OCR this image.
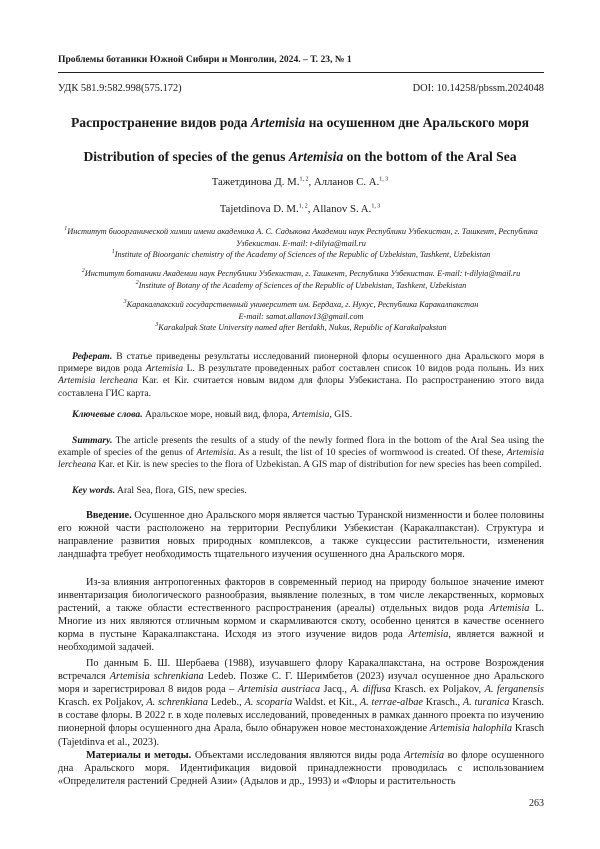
Проблемы ботаники Южной Сибири и Монголии, 2024. – Т. 23, № 1
УДК 581.9:582.998(575.172)	DOI: 10.14258/pbssm.2024048
Распространение видов рода Artemisia на осушенном дне Аральского моря
Distribution of species of the genus Artemisia on the bottom of the Aral Sea
Тажетдинова Д. М.$^{1, 2}$, Алланов С. А.$^{1, 3}$
Tajetdinova D. M.$^{1, 2}$, Allanov S. A.$^{1, 3}$
$^1$Институт биоорганической химии имени академика А. С. Садыкова Академии наук Республики Узбекистан, г. Ташкент, Республика Узбекистан. E-mail: t-dilyia@mail.ru
$^1$Institute of Bioorganic chemistry of the Academy of Sciences of the Republic of Uzbekistan, Tashkent, Uzbekistan
$^2$Институт ботаники Академии наук Республики Узбекистан, г. Ташкент, Республика Узбекистан. E-mail: t-dilyia@mail.ru
$^2$Institute of Botany of the Academy of Sciences of the Republic of Uzbekistan, Tashkent, Uzbekistan
$^3$Каракалпакский государственный университет им. Бердаха, г. Нукус, Республика Каракалпакстан
E-mail: samat.allanov13@gmail.com
$^3$Karakalpak State University named after Berdakh, Nukus, Republic of Karakalpakstan
Реферат. В статье приведены результаты исследований пионерной флоры осушенного дна Аральского моря в примере видов рода Artemisia L. В результате проведенных работ составлен список 10 видов рода полынь. Из них Artemisia lercheana Kar. et Kir. считается новым видом для флоры Узбекистана. По распространению этого вида составлена ГИС карта.
Ключевые слова. Аральское море, новый вид, флора, Artemisia, GIS.
Summary. The article presents the results of a study of the newly formed flora in the bottom of the Aral Sea using the example of species of the genus of Artemisia. As a result, the list of 10 species of wormwood is created. Of these, Artemisia lercheana Kar. et Kir. is new species to the flora of Uzbekistan. A GIS map of distribution for new species has been compiled.
Key words. Aral Sea, flora, GIS, new species.
Введение. Осушенное дно Аральского моря является частью Туранской низменности и более половины его южной части расположено на территории Республики Узбекистан (Каракалпакстан). Структура и направление развития новых природных комплексов, а также сукцессии растительности, изменения ландшафта требует необходимость тщательного изучения осушенного дна Аральского моря.
Из-за влияния антропогенных факторов в современный период на природу большое значение имеют инвентаризация биологического разнообразия, выявление полезных, в том числе лекарственных, кормовых растений, а также области естественного распространения (ареалы) отдельных видов рода Artemisia L. Многие из них являются отличным кормом и скармливаются скоту, особенно ценятся в качестве осеннего корма в пустыне Каракалпакстана. Исходя из этого изучение видов рода Artemisia, является важной и необходимой задачей.
По данным Б. Ш. Шербаева (1988), изучавшего флору Каракалпакстана, на острове Возрождения встречался Artemisia schrenkiana Ledeb. Позже С. Г. Шеримбетов (2023) изучал осушенное дно Аральского моря и зарегистрировал 8 видов рода – Artemisia austriaca Jacq., A. diffusa Krasch. ex Poljakov, A. ferganensis Krasch. ex Poljakov, A. schrenkiana Ledeb., A. scoparia Waldst. et Kit., A. terrae-albae Krasch., A. turanica Krasch. в составе флоры. В 2022 г. в ходе полевых исследований, проведенных в рамках данного проекта по изучению пионерной флоры осушенного дна Арала, было обнаружен новое местонахождение Artemisia halophila Krasch (Tajetdinva et al., 2023).
Материалы и методы. Объектами исследования являются виды рода Artemisia во флоре осушенного дна Аральского моря. Идентификация видовой принадлежности проводилась с использованием «Определителя растений Средней Азии» (Адылов и др., 1993) и «Флоры и растительность
263
